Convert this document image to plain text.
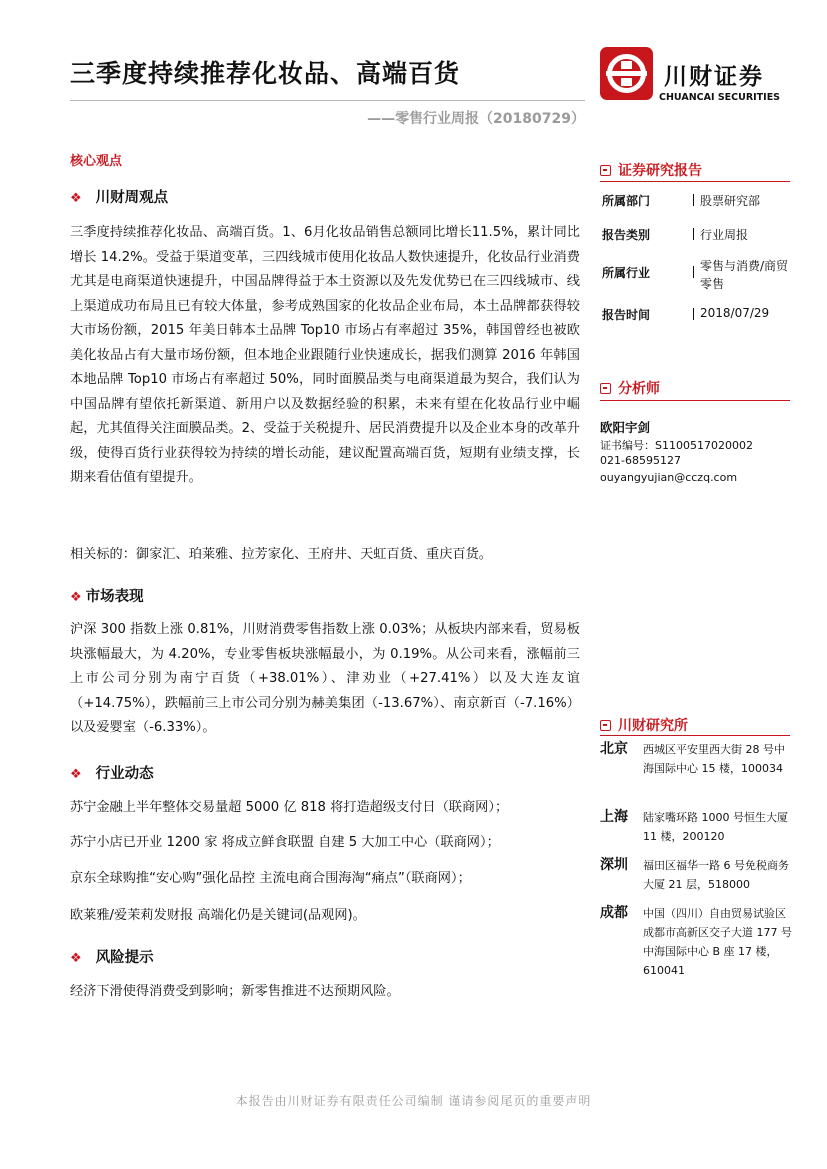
三季度持续推荐化妆品、高端百货
——零售行业周报（20180729）
川财证券
CHUANCAI SECURITIES
核心观点
❖ 川财周观点
三季度持续推荐化妆品、高端百货。1、6月化妆品销售总额同比增长11.5%，累计同比增长 14.2%。受益于渠道变革，三四线城市使用化妆品人数快速提升，化妆品行业消费尤其是电商渠道快速提升，中国品牌得益于本土资源以及先发优势已在三四线城市、线上渠道成功布局且已有较大体量，参考成熟国家的化妆品企业布局，本土品牌都获得较大市场份额，2015 年美日韩本土品牌 Top10 市场占有率超过 35%，韩国曾经也被欧美化妆品占有大量市场份额，但本地企业跟随行业快速成长，据我们测算 2016 年韩国本地品牌 Top10 市场占有率超过 50%，同时面膜品类与电商渠道最为契合，我们认为中国品牌有望依托新渠道、新用户以及数据经验的积累，未来有望在化妆品行业中崛起，尤其值得关注面膜品类。2、受益于关税提升、居民消费提升以及企业本身的改革升级，使得百货行业获得较为持续的增长动能，建议配置高端百货，短期有业绩支撑，长期来看估值有望提升。
相关标的：御家汇、珀莱雅、拉芳家化、王府井、天虹百货、重庆百货。
❖ 市场表现
沪深 300 指数上涨 0.81%，川财消费零售指数上涨 0.03%；从板块内部来看，贸易板块涨幅最大，为 4.20%，专业零售板块涨幅最小，为 0.19%。从公司来看，涨幅前三上市公司分别为南宁百货（+38.01%）、津劝业（+27.41%）以及大连友谊（+14.75%），跌幅前三上市公司分别为赫美集团（-13.67%）、南京新百（-7.16%）以及爱婴室（-6.33%）。
❖ 行业动态
苏宁金融上半年整体交易量超 5000 亿 818 将打造超级支付日（联商网）；
苏宁小店已开业 1200 家 将成立鲜食联盟 自建 5 大加工中心（联商网）；
京东全球购推“安心购”强化品控 主流电商合围海淘“痛点”（联商网）；
欧莱雅/爱茉莉发财报 高端化仍是关键词(品观网)。
❖ 风险提示
经济下滑使得消费受到影响；新零售推进不达预期风险。
证券研究报告
所属部门	股票研究部
报告类别	行业周报
所属行业	零售与消费/商贸零售
报告时间	2018/07/29
分析师
欧阳宇剑
证书编号：S1100517020002
021-68595127
ouyangyujian@cczq.com
川财研究所
北京 西城区平安里西大街 28 号中海国际中心 15 楼，100034
上海 陆家嘴环路 1000 号恒生大厦 11 楼，200120
深圳 福田区福华一路 6 号免税商务大厦 21 层，518000
成都 中国（四川）自由贸易试验区成都市高新区交子大道 177 号中海国际中心 B 座 17 楼，610041
本报告由川财证券有限责任公司编制 谨请参阅尾页的重要声明
